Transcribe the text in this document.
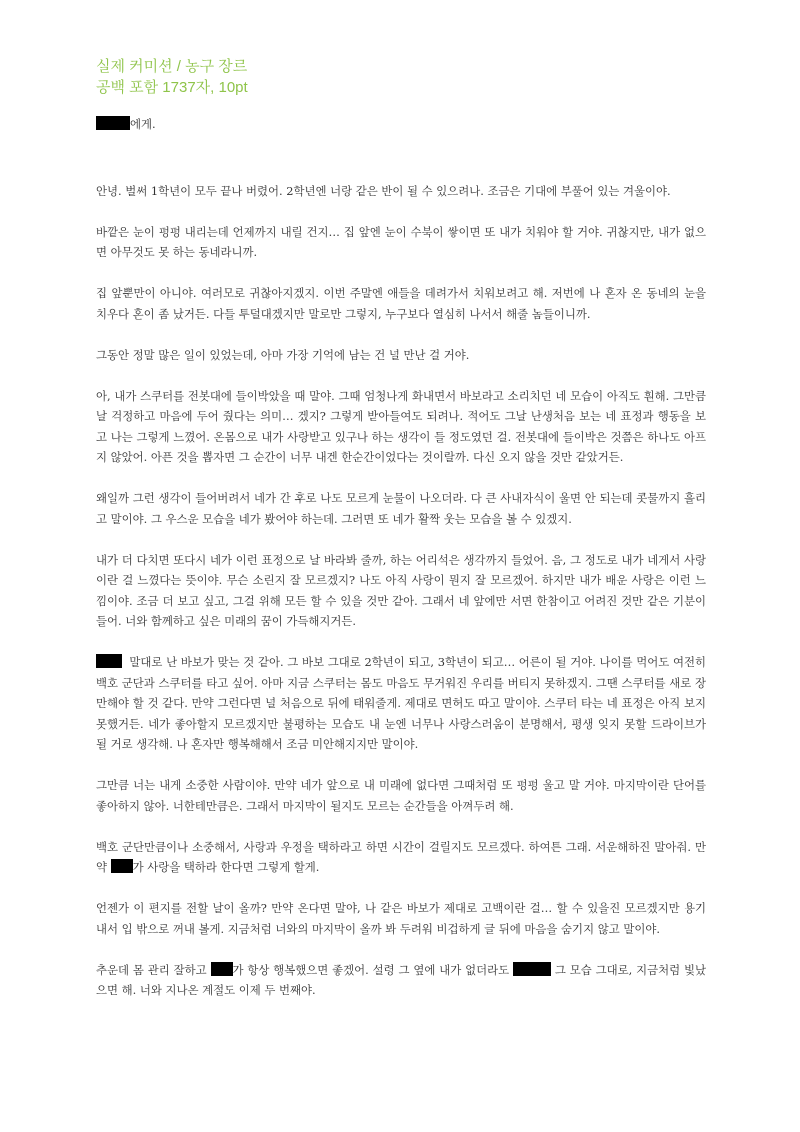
실제 커미션 / 농구 장르
공백 포함 1737자, 10pt

에게.

안녕. 벌써 1학년이 모두 끝나 버렸어. 2학년엔 너랑 같은 반이 될 수 있으려나. 조금은 기대에 부풀어 있는 겨울이야.

바깥은 눈이 펑펑 내리는데 언제까지 내릴 건지… 집 앞엔 눈이 수북이 쌓이면 또 내가 치워야 할 거야. 귀찮지만, 내가 없으면 아무것도 못 하는 동네라니까.

집 앞뿐만이 아니야. 여러모로 귀찮아지겠지. 이번 주말엔 애들을 데려가서 치워보려고 해. 저번에 나 혼자 온 동네의 눈을 치우다 혼이 좀 났거든. 다들 투덜대겠지만 말로만 그렇지, 누구보다 열심히 나서서 해줄 놈들이니까.

그동안 정말 많은 일이 있었는데, 아마 가장 기억에 남는 건 널 만난 걸 거야.

아, 내가 스쿠터를 전봇대에 들이박았을 때 말야. 그때 엄청나게 화내면서 바보라고 소리치던 네 모습이 아직도 훤해. 그만큼 날 걱정하고 마음에 두어 줬다는 의미… 겠지? 그렇게 받아들여도 되려나. 적어도 그날 난생처음 보는 네 표정과 행동을 보고 나는 그렇게 느꼈어. 온몸으로 내가 사랑받고 있구나 하는 생각이 들 정도였던 걸. 전봇대에 들이박은 것쯤은 하나도 아프지 않았어. 아픈 것을 뽑자면 그 순간이 너무 내겐 한순간이었다는 것이랄까. 다신 오지 않을 것만 같았거든.

왜일까 그런 생각이 들어버려서 네가 간 후로 나도 모르게 눈물이 나오더라. 다 큰 사내자식이 울면 안 되는데 콧물까지 흘리고 말이야. 그 우스운 모습을 네가 봤어야 하는데. 그러면 또 네가 활짝 웃는 모습을 볼 수 있겠지.

내가 더 다치면 또다시 네가 이런 표정으로 날 바라봐 줄까, 하는 어리석은 생각까지 들었어. 음, 그 정도로 내가 네게서 사랑이란 걸 느꼈다는 뜻이야. 무슨 소린지 잘 모르겠지? 나도 아직 사랑이 뭔지 잘 모르겠어. 하지만 내가 배운 사랑은 이런 느낌이야. 조금 더 보고 싶고, 그걸 위해 모든 할 수 있을 것만 같아. 그래서 네 앞에만 서면 한참이고 어려진 것만 같은 기분이 들어. 너와 함께하고 싶은 미래의 꿈이 가득해지거든.

말대로 난 바보가 맞는 것 같아. 그 바보 그대로 2학년이 되고, 3학년이 되고… 어른이 될 거야. 나이를 먹어도 여전히 백호 군단과 스쿠터를 타고 싶어. 아마 지금 스쿠터는 몸도 마음도 무거워진 우리를 버티지 못하겠지. 그땐 스쿠터를 새로 장만해야 할 것 같다. 만약 그런다면 널 처음으로 뒤에 태워줄게. 제대로 면허도 따고 말이야. 스쿠터 타는 네 표정은 아직 보지 못했거든. 네가 좋아할지 모르겠지만 불평하는 모습도 내 눈엔 너무나 사랑스러움이 분명해서, 평생 잊지 못할 드라이브가 될 거로 생각해. 나 혼자만 행복해해서 조금 미안해지지만 말이야.

그만큼 너는 내게 소중한 사람이야. 만약 네가 앞으로 내 미래에 없다면 그때처럼 또 펑펑 울고 말 거야. 마지막이란 단어를 좋아하지 않아. 너한테만큼은. 그래서 마지막이 될지도 모르는 순간들을 아껴두려 해.

백호 군단만큼이나 소중해서, 사랑과 우정을 택하라고 하면 시간이 걸릴지도 모르겠다. 하여튼 그래. 서운해하진 말아줘. 만약 가 사랑을 택하라 한다면 그렇게 할게.

언젠가 이 편지를 전할 날이 올까? 만약 온다면 말야, 나 같은 바보가 제대로 고백이란 걸… 할 수 있을진 모르겠지만 용기 내서 입 밖으로 꺼내 볼게. 지금처럼 너와의 마지막이 올까 봐 두려워 비겁하게 글 뒤에 마음을 숨기지 않고 말이야.

추운데 몸 관리 잘하고 가 항상 행복했으면 좋겠어. 설령 그 옆에 내가 없더라도	그 모습 그대로, 지금처럼 빛났으면 해. 너와 지나온 계절도 이제 두 번째야.
